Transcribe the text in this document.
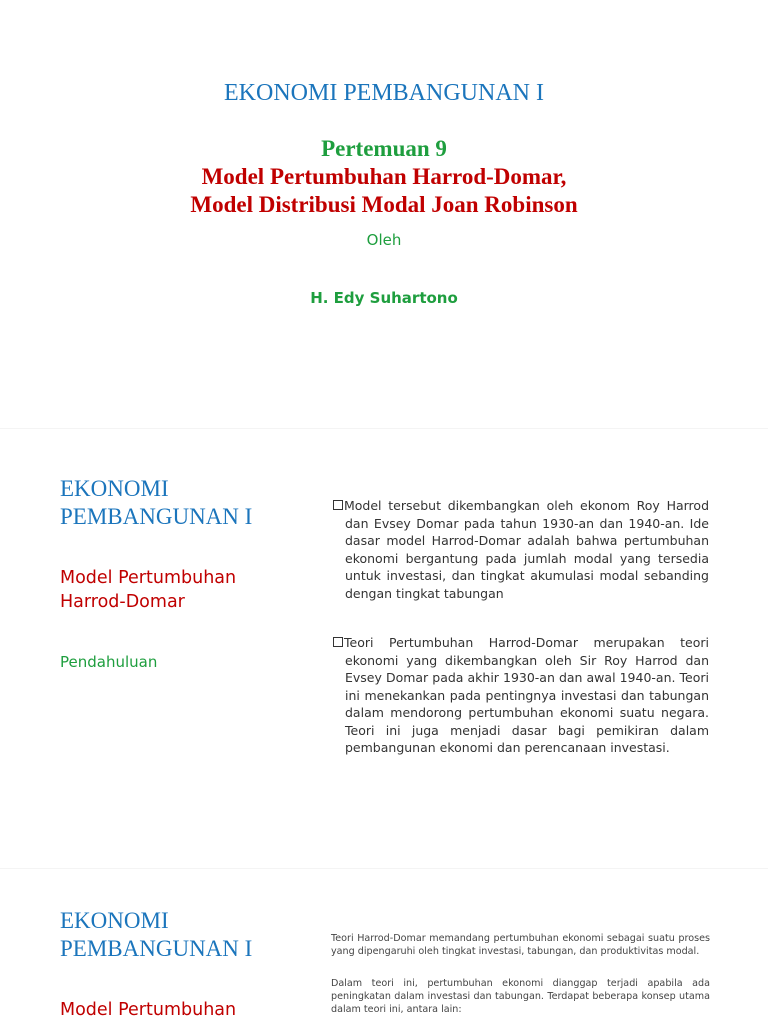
EKONOMI PEMBANGUNAN I
Pertemuan 9
Model Pertumbuhan Harrod-Domar,
Model Distribusi Modal Joan Robinson
Oleh
H. Edy Suhartono
EKONOMI
PEMBANGUNAN I
Model Pertumbuhan
Harrod-Domar
Pendahuluan
Model tersebut dikembangkan oleh ekonom Roy Harrod dan Evsey Domar pada tahun 1930-an dan 1940-an. Ide dasar model Harrod-Domar adalah bahwa pertumbuhan ekonomi bergantung pada jumlah modal yang tersedia untuk investasi, dan tingkat akumulasi modal sebanding dengan tingkat tabungan
Teori Pertumbuhan Harrod-Domar merupakan teori ekonomi yang dikembangkan oleh Sir Roy Harrod dan Evsey Domar pada akhir 1930-an dan awal 1940-an. Teori ini menekankan pada pentingnya investasi dan tabungan dalam mendorong pertumbuhan ekonomi suatu negara. Teori ini juga menjadi dasar bagi pemikiran dalam pembangunan ekonomi dan perencanaan investasi.
EKONOMI
PEMBANGUNAN I
Model Pertumbuhan
Teori Harrod-Domar memandang pertumbuhan ekonomi sebagai suatu proses yang dipengaruhi oleh tingkat investasi, tabungan, dan produktivitas modal.
Dalam teori ini, pertumbuhan ekonomi dianggap terjadi apabila ada peningkatan dalam investasi dan tabungan. Terdapat beberapa konsep utama dalam teori ini, antara lain:
